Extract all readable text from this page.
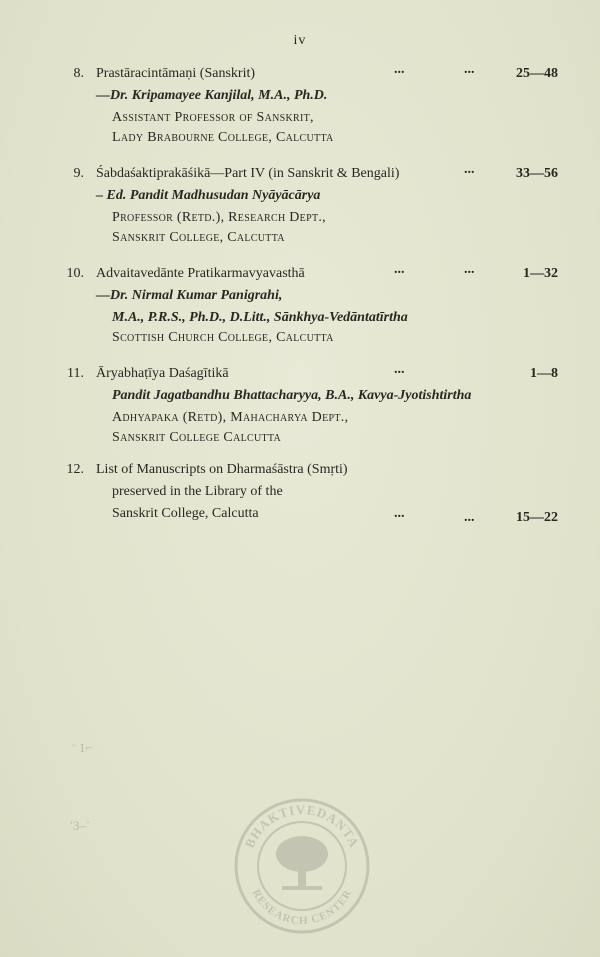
iv
8. Prastāracintāmaṇi (Sanskrit)	...	...	25—48
—Dr. Kripamayee Kanjilal, M.A., Ph.D.
Assistant Professor of Sanskrit,
Lady Brabourne College, Calcutta
9. Śabdaśaktiprakāśikā—Part IV (in Sanskrit & Bengali)	...	33—56
– Ed. Pandit Madhusudan Nyāyācārya
Professor (Retd.), Research Dept.,
Sanskrit College, Calcutta
10. Advaitavedānte Pratikarmavyavasthā	...	...	1—32
—Dr. Nirmal Kumar Panigrahi,
M.A., P.R.S., Ph.D., D.Litt., Sānkhya-Vedāntatīrtha
Scottish Church College, Calcutta
11. Āryabhaṭīya Daśagītikā	...	1—8
Pandit Jagatbandhu Bhattacharyya, B.A., Kavya-Jyotishtirtha
Adhyapaka (Retd), Mahacharya Dept.,
Sanskrit College Calcutta
12. List of Manuscripts on Dharmaśāstra (Smṛti)
preserved in the Library of the
Sanskrit College, Calcutta	...	...	15—22
ᵔ 1⌐
ʹ3–ˈ
BHAKTIVEDANTA
RESEARCH CENTER
